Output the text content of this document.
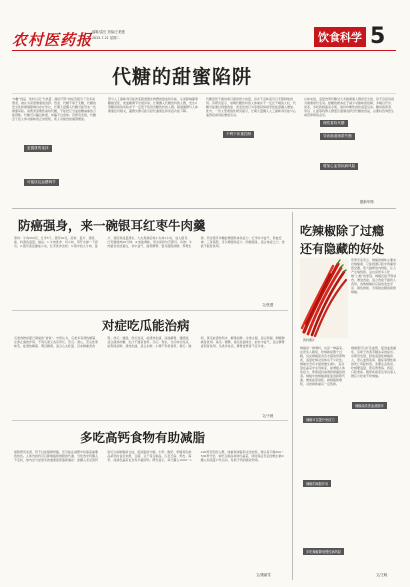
农村医药报 编辑/雷岳 美编/王艳蕾
2025.7.21 星期二	饮食科学 5
代糖的甜蜜陷阱
“0糖”食品、饮料以其“无热量、甜而不胖”的标签吸引了众多消费者，被认为是更健康的选择。然而，代糖不等于无糖，代糖的安全性和健康影响仍存在争议，长期大量摄入代糖可能带来一些健康风险。消费者需理性看待代糖，不能把它当成控糖减重的万能钥匙。代糖可以骗过味蕾，却骗不过身体。有研究发现，代糖会干扰人体对甜味的正常感知，使人对甜食的渴望增加。
更健康的选择
可能扰乱血糖调节
部分人工甜味剂可能改变肠道微生物群的组成和功能，从而影响葡萄糖耐受性，使血糖调节出现异常。长期摄入代糖饮料的人群，发生2型糖尿病的风险并不一定低于饮用含糖饮料的人群。肠道菌群与人体健康密切相关，菌群失衡可能引起代谢紊乱和免疫功能下降。
代糖虽然不提供或只提供很少热量，但并不意味着可以无限制地食用。有研究显示，常喝代糖饮料的人体重并不一定比不喝的人轻，代糖可能通过刺激食欲、改变饮食行为等途径间接导致能量摄入增加。此外，一些大型观察性研究提示，长期大量摄入人工甜味剂可能与心血管疾病风险增加有关。
不利于体重控制
总体来说，适量食用代糖对大多数健康人群是安全的，但不宜将其视为健康的代名词。控糖的根本在于减少对甜味的依赖，多喝白开水、淡茶，多吃新鲜蔬菜水果，保持均衡饮食和适量运动。糖尿病患者、孕妇、儿童等特殊人群更应谨慎选择含代糖的食品，必要时咨询医生或营养师的意见。
理性看待代糖
导致肠道菌群失衡
增加心血管疾病风险
据新华网
防癌强身，来一碗银耳红枣牛肉羹
原料：牛肉300克，红枣5个，银耳20克，淀粉、姜片、葱段、盐、料酒各适量。做法：1.牛肉洗净，切小块，用开水焯一下捞出；2.银耳泡发撕成小朵，红枣洗净去核；3.锅中放入牛肉、姜片、葱段和适量清水，大火煮沸后转小火炖1小时，加入银耳、红枣继续炖20分钟；4.加盐调味，用水淀粉勾芡即可。功效：牛肉富含优质蛋白，补中益气、滋养脾胃；银耳滋阴润肺、养胃生津，所含银耳多糖能增强机体免疫力；红枣补中益气、养血安神。三者搭配，可以增强免疫力、防癌强身，适合体虚乏力、食欲不振者食用。
文/张澄
对症吃瓜能治病
瓜类食物是夏日餐桌的“常客”。中医认为，瓜类多有清热解暑、生津止渴的作用，不同瓜类又各有所长。苦瓜：清心，苦瓜性寒味苦，能清热解暑、明目解毒，适合心火旺盛、目赤肿痛者食用。丝瓜：通络，丝瓜性凉，能清热化痰、凉血解毒、通经络，适合痰热咳嗽、乳汁不通者食用。冬瓜：利水，冬瓜味甘性凉，能利尿消肿、清热化痰，适合水肿、小便不利者食用。黄瓜：除烦，黄瓜能清热利水、解毒消肿、生津止渴，适合烦渴、咽喉肿痛者食用。南瓜：健脾，南瓜性温味甘，能补中益气，适合脾胃虚弱者食用。瓜类多性凉，脾胃虚寒者不宜多食。
文/于晨
多吃高钙食物有助减脂
最新研究发现，钙不仅能强健骨骼，还可能在减肥中扮演着重要的角色。人体内的钙可以影响脂肪细胞的代谢，当饮食中钙摄入不足时，体内会分泌更多的激素促使脂肪储存；而摄入充足的钙则可以抑制脂肪合成，促进脂肪分解。牛奶、酸奶、奶酪等乳制品是钙的良好来源，豆腐、豆干等豆制品，以及芝麻、虾皮、海带、深绿色蔬菜也含有丰富的钙。研究显示，每天摄入1000～1200毫克钙的人群，体重和体脂率往往较低。建议每天喝300～500毫升奶，常吃豆制品和绿叶蔬菜，同时保证充足的维生素D摄入和适量户外运动，有助于钙的吸收利用。
文/康丽雪
吃辣椒除了过瘾
还有隐藏的好处
资料图片
营养学家表示，辣椒的辣味主要来自辣椒素，它能刺激口腔中的痛觉感受器，使大脑释放内啡肽，让人产生愉悦感。这也是很多人吃辣“上瘾”的原因。辣椒还能开胃消食，增进食欲，适合食欲不振的人食用。选购辣椒时应挑选表皮光亮、颜色鲜艳、无病斑虫眼的新鲜辣椒。
辣椒是一种调料，也是一种蔬菜。在很多人眼里，吃辣就是图个过瘾，其实辣椒里含有丰富的营养物质，适量吃辣对身体有不少好处。辣椒中含有丰富的维生素C，其含量在蔬菜中名列前茅，能增强人体免疫力，帮助抵抗病毒和细菌的侵袭。辣椒中的辣椒素能促进新陈代谢，增加能量消耗，抑制脂肪堆积，对控制体重有一定帮助。
辣椒可以提升免疫力
辣椒的减脂作用
辣椒素可以扩张血管，促进血液循环，有助于改善手脚冰凉的症状。有研究发现，经常适量吃辣椒的人，患心血管疾病、癌症等慢性病的死亡风险较低。需要注意的是，吃辣要适量，患有胃溃疡、痔疮、口腔溃疡、眼部疾病者及孕妇等人群应少吃或不吃辣椒。
辣椒能改善血液循环
多吃辣椒降低慢性病风险
文/王晓
